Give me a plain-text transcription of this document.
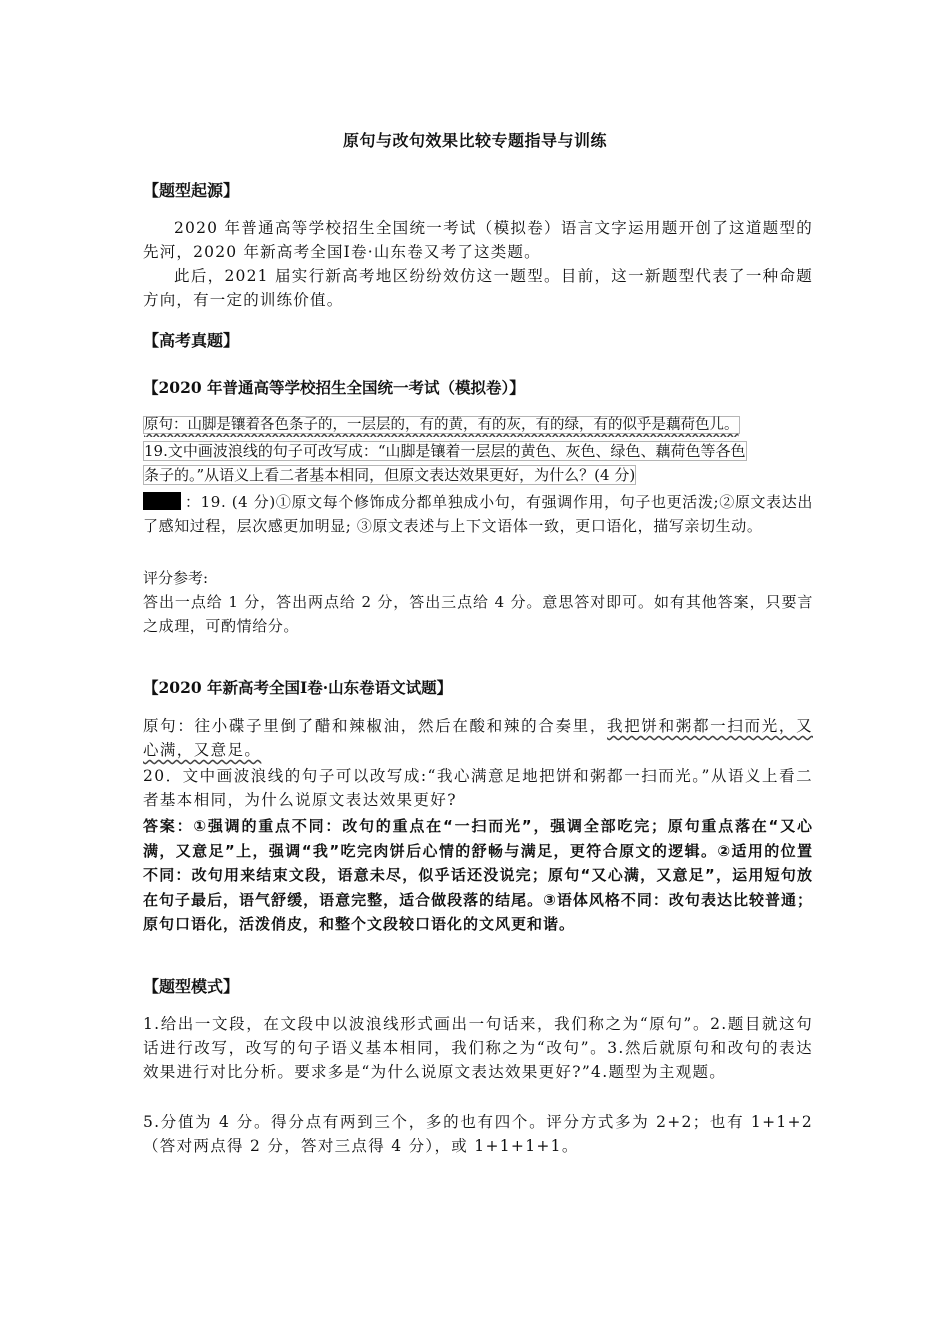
原句与改句效果比较专题指导与训练
【题型起源】
2020 年普通高等学校招生全国统一考试（模拟卷）语言文字运用题开创了这道题型的先河，2020 年新高考全国Ⅰ卷·山东卷又考了这类题。
此后，2021 届实行新高考地区纷纷效仿这一题型。目前，这一新题型代表了一种命题方向，有一定的训练价值。
【高考真题】
【2020 年普通高等学校招生全国统一考试（模拟卷）】
原句：山脚是镶着各色条子的，一层层的，有的黄，有的灰，有的绿，有的似乎是藕荷色儿。
19.文中画波浪线的句子可改写成：“山脚是镶着一层层的黄色、灰色、绿色、藕荷色等各色
条子的。”从语义上看二者基本相同，但原文表达效果更好，为什么？(4 分)
：19. (4 分)①原文每个修饰成分都单独成小句，有强调作用，句子也更活泼;②原文表达出了感知过程，层次感更加明显; ③原文表述与上下文语体一致，更口语化，描写亲切生动。
评分参考:
答出一点给 1 分，答出两点给 2 分，答出三点给 4 分。意思答对即可。如有其他答案，只要言之成理，可酌情给分。
【2020 年新高考全国Ⅰ卷·山东卷语文试题】
原句：往小碟子里倒了醋和辣椒油，然后在酸和辣的合奏里，我把饼和粥都一扫而光，又心满，又意足。
20．文中画波浪线的句子可以改写成:“我心满意足地把饼和粥都一扫而光。”从语义上看二者基本相同，为什么说原文表达效果更好?
答案：①强调的重点不同：改句的重点在“一扫而光”，强调全部吃完；原句重点落在“又心满，又意足”上，强调“我”吃完肉饼后心情的舒畅与满足，更符合原文的逻辑。②适用的位置不同：改句用来结束文段，语意未尽，似乎话还没说完；原句“又心满，又意足”，运用短句放在句子最后，语气舒缓，语意完整，适合做段落的结尾。③语体风格不同：改句表达比较普通；原句口语化，活泼俏皮，和整个文段较口语化的文风更和谐。
【题型模式】
1.给出一文段，在文段中以波浪线形式画出一句话来，我们称之为“原句”。2.题目就这句话进行改写，改写的句子语义基本相同，我们称之为“改句”。3.然后就原句和改句的表达效果进行对比分析。要求多是“为什么说原文表达效果更好?”4.题型为主观题。
5.分值为 4 分。得分点有两到三个，多的也有四个。评分方式多为 2+2；也有 1+1+2（答对两点得 2 分，答对三点得 4 分），或 1+1+1+1。
